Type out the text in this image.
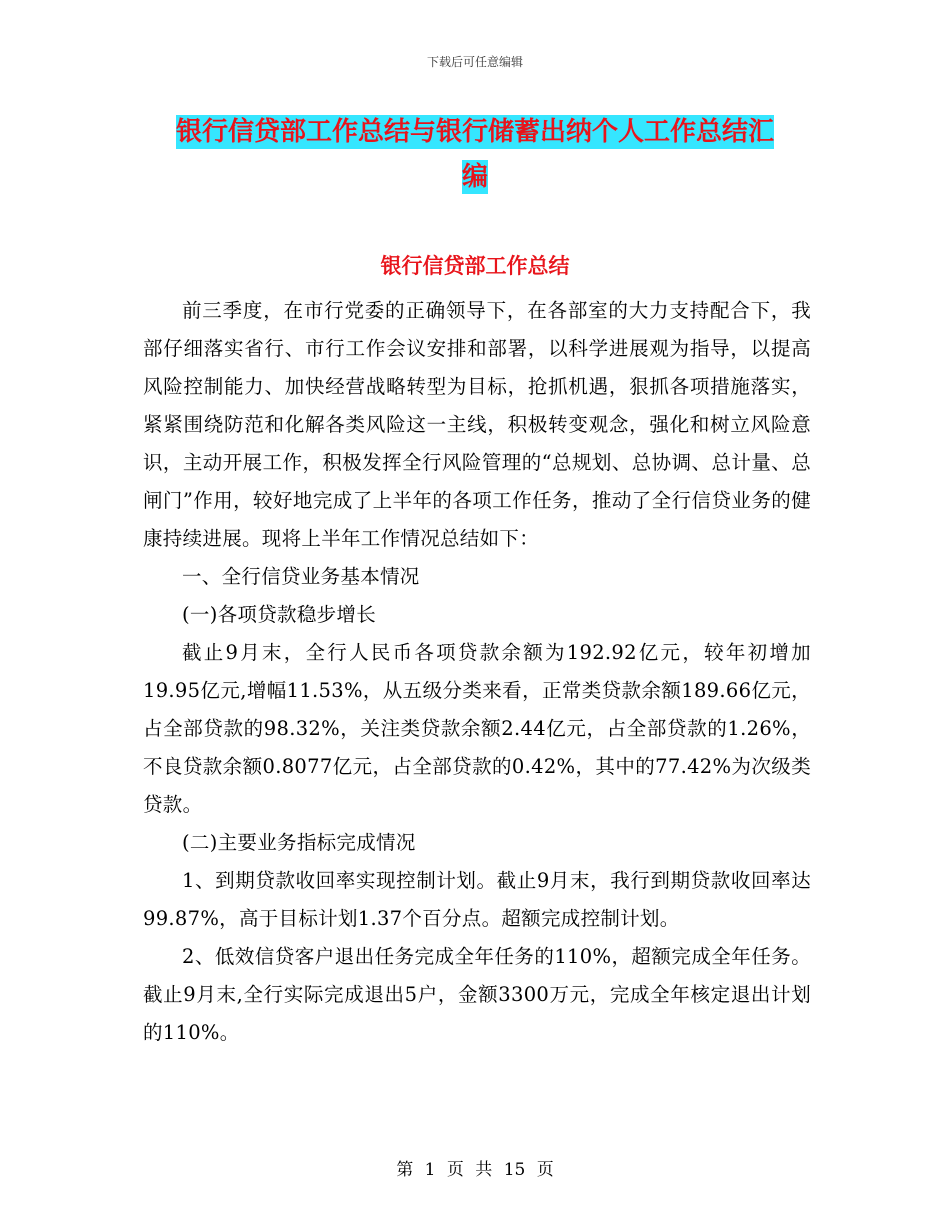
下载后可任意编辑
银行信贷部工作总结与银行储蓄出纳个人工作总结汇
编
银行信贷部工作总结

前三季度，在市行党委的正确领导下，在各部室的大力支持配合下，我部仔细落实省行、市行工作会议安排和部署，以科学进展观为指导，以提高风险控制能力、加快经营战略转型为目标，抢抓机遇，狠抓各项措施落实，紧紧围绕防范和化解各类风险这一主线，积极转变观念，强化和树立风险意识，主动开展工作，积极发挥全行风险管理的“总规划、总协调、总计量、总闸门”作用，较好地完成了上半年的各项工作任务，推动了全行信贷业务的健康持续进展。现将上半年工作情况总结如下：

一、全行信贷业务基本情况

(一)各项贷款稳步增长

截止9月末，全行人民币各项贷款余额为192.92亿元，较年初增加19.95亿元,增幅11.53%，从五级分类来看，正常类贷款余额189.66亿元，占全部贷款的98.32%，关注类贷款余额2.44亿元，占全部贷款的1.26%，不良贷款余额0.8077亿元，占全部贷款的0.42%，其中的77.42%为次级类贷款。

(二)主要业务指标完成情况

1、到期贷款收回率实现控制计划。截止9月末，我行到期贷款收回率达99.87%，高于目标计划1.37个百分点。超额完成控制计划。

2、低效信贷客户退出任务完成全年任务的110%，超额完成全年任务。截止9月末,全行实际完成退出5户，金额3300万元，完成全年核定退出计划的110%。

第 1 页 共 15 页
